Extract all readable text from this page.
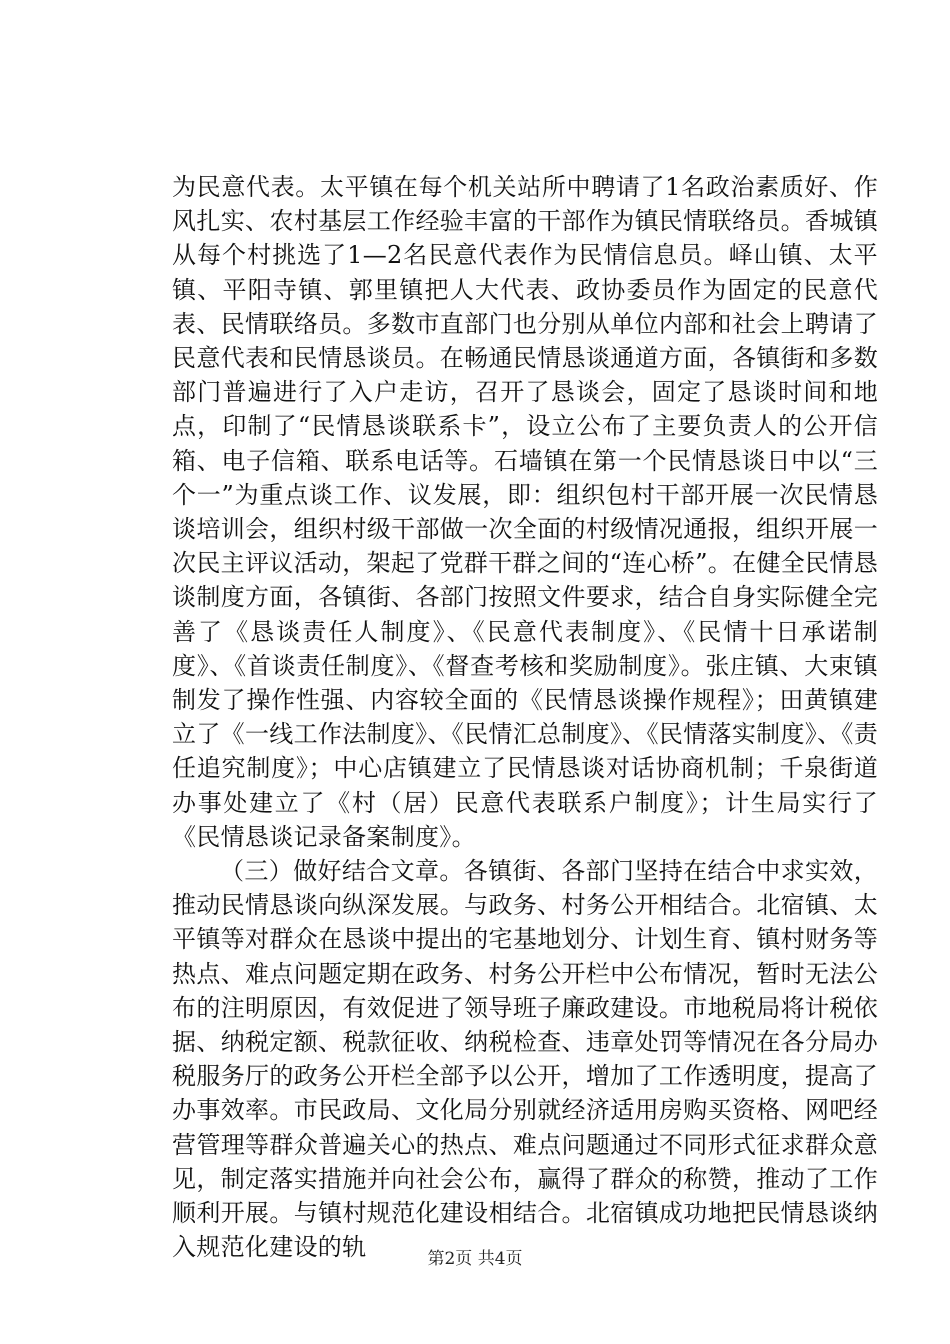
为民意代表。太平镇在每个机关站所中聘请了1名政治素质好、作风扎实、农村基层工作经验丰富的干部作为镇民情联络员。香城镇从每个村挑选了1—2名民意代表作为民情信息员。峄山镇、太平镇、平阳寺镇、郭里镇把人大代表、政协委员作为固定的民意代表、民情联络员。多数市直部门也分别从单位内部和社会上聘请了民意代表和民情恳谈员。在畅通民情恳谈通道方面，各镇街和多数部门普遍进行了入户走访，召开了恳谈会，固定了恳谈时间和地点，印制了“民情恳谈联系卡”，设立公布了主要负责人的公开信箱、电子信箱、联系电话等。石墙镇在第一个民情恳谈日中以“三个一”为重点谈工作、议发展，即：组织包村干部开展一次民情恳谈培训会，组织村级干部做一次全面的村级情况通报，组织开展一次民主评议活动，架起了党群干群之间的“连心桥”。在健全民情恳谈制度方面，各镇街、各部门按照文件要求，结合自身实际健全完善了《恳谈责任人制度》、《民意代表制度》、《民情十日承诺制度》、《首谈责任制度》、《督查考核和奖励制度》。张庄镇、大束镇制发了操作性强、内容较全面的《民情恳谈操作规程》；田黄镇建立了《一线工作法制度》、《民情汇总制度》、《民情落实制度》、《责任追究制度》；中心店镇建立了民情恳谈对话协商机制；千泉街道办事处建立了《村（居）民意代表联系户制度》；计生局实行了《民情恳谈记录备案制度》。

（三）做好结合文章。各镇街、各部门坚持在结合中求实效，推动民情恳谈向纵深发展。与政务、村务公开相结合。北宿镇、太平镇等对群众在恳谈中提出的宅基地划分、计划生育、镇村财务等热点、难点问题定期在政务、村务公开栏中公布情况，暂时无法公布的注明原因，有效促进了领导班子廉政建设。市地税局将计税依据、纳税定额、税款征收、纳税检查、违章处罚等情况在各分局办税服务厅的政务公开栏全部予以公开，增加了工作透明度，提高了办事效率。市民政局、文化局分别就经济适用房购买资格、网吧经营管理等群众普遍关心的热点、难点问题通过不同形式征求群众意见，制定落实措施并向社会公布，赢得了群众的称赞，推动了工作顺利开展。与镇村规范化建设相结合。北宿镇成功地把民情恳谈纳入规范化建设的轨	第2页 共4页
